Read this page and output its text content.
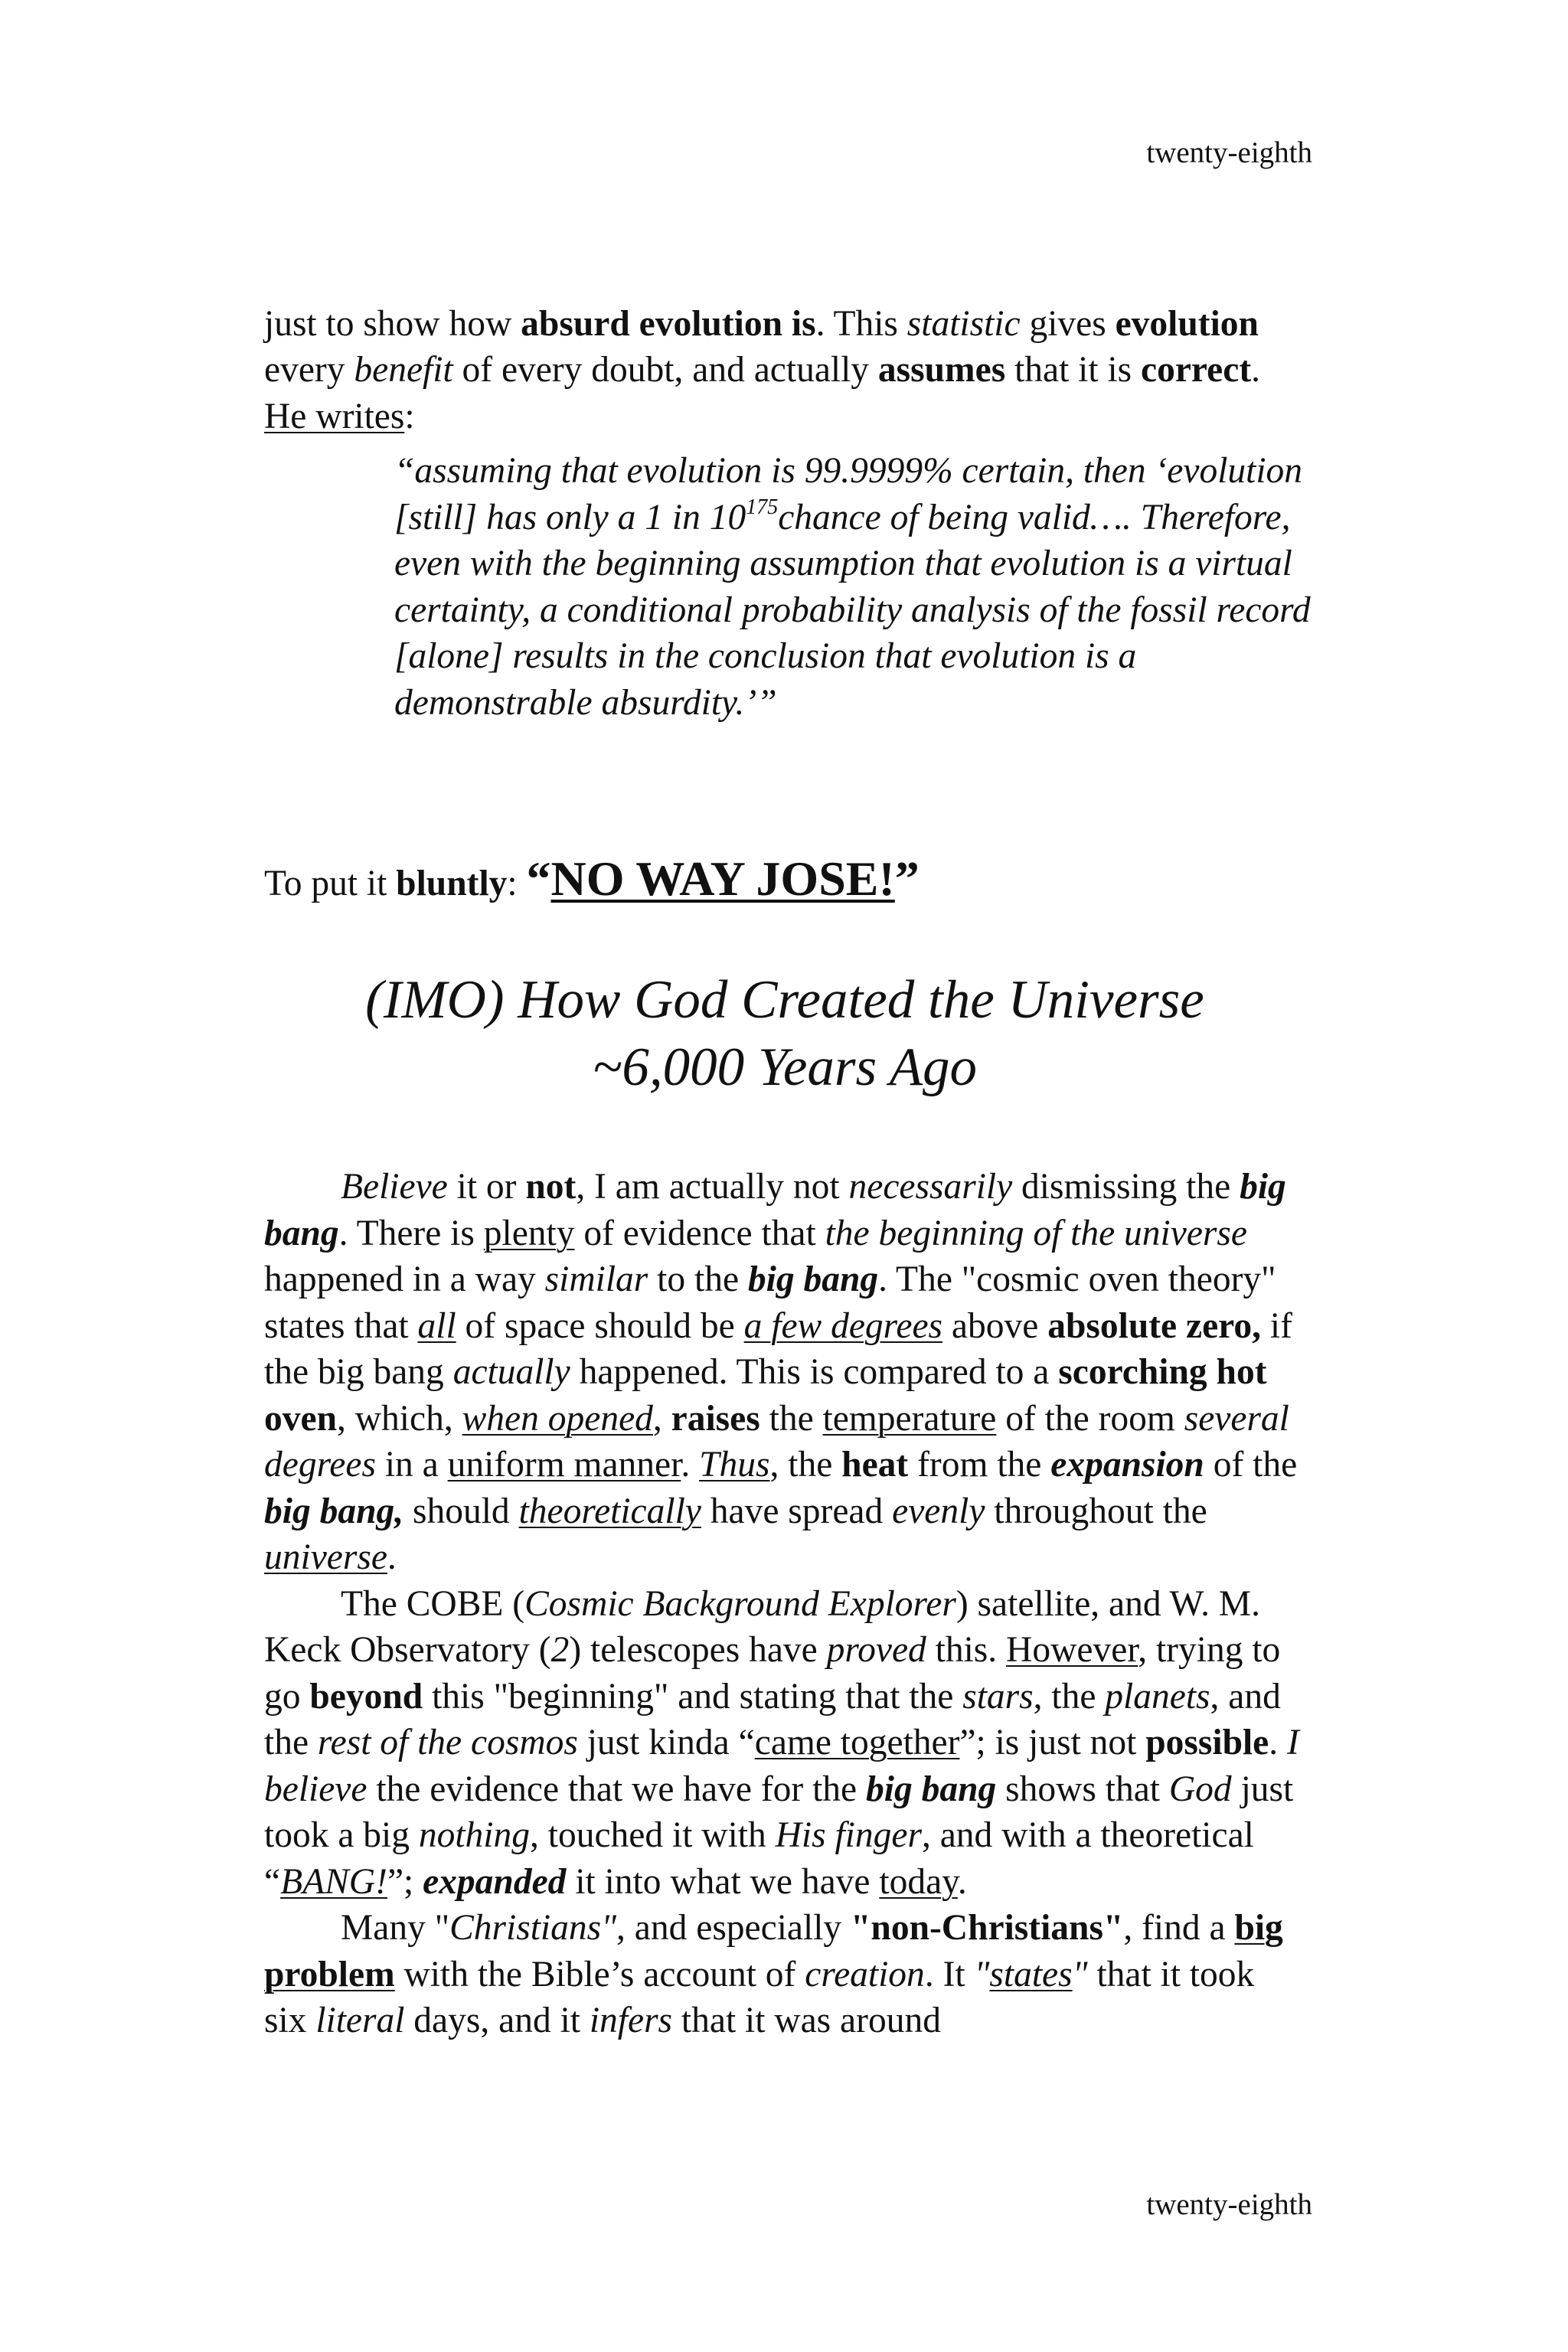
twenty-eighth

just to show how absurd evolution is. This statistic gives evolution every benefit of every doubt, and actually assumes that it is correct. He writes:

“assuming that evolution is 99.9999% certain, then ‘evolution [still] has only a 1 in $10^{175}chance$ of being valid…. Therefore, even with the beginning assumption that evolution is a virtual certainty, a conditional probability analysis of the fossil record [alone] results in the conclusion that evolution is a demonstrable absurdity.’”

To put it bluntly: “NO WAY JOSE!”

(IMO) How God Created the Universe
~6,000 Years Ago

Believe it or not, I am actually not necessarily dismissing the big bang. There is plenty of evidence that the beginning of the universe happened in a way similar to the big bang. The "cosmic oven theory" states that all of space should be a few degrees above absolute zero, if the big bang actually happened. This is compared to a scorching hot oven, which, when opened, raises the temperature of the room several degrees in a uniform manner. Thus, the heat from the expansion of the big bang, should theoretically have spread evenly throughout the universe.

The COBE (Cosmic Background Explorer) satellite, and W. M. Keck Observatory (2) telescopes have proved this. However, trying to go beyond this "beginning" and stating that the stars, the planets, and the rest of the cosmos just kinda “came together”; is just not possible. I believe the evidence that we have for the big bang shows that God just took a big nothing, touched it with His finger, and with a theoretical “BANG!”; expanded it into what we have today.

Many "Christians", and especially "non-Christians", find a big problem with the Bible’s account of creation. It "states" that it took six literal days, and it infers that it was around

twenty-eighth
